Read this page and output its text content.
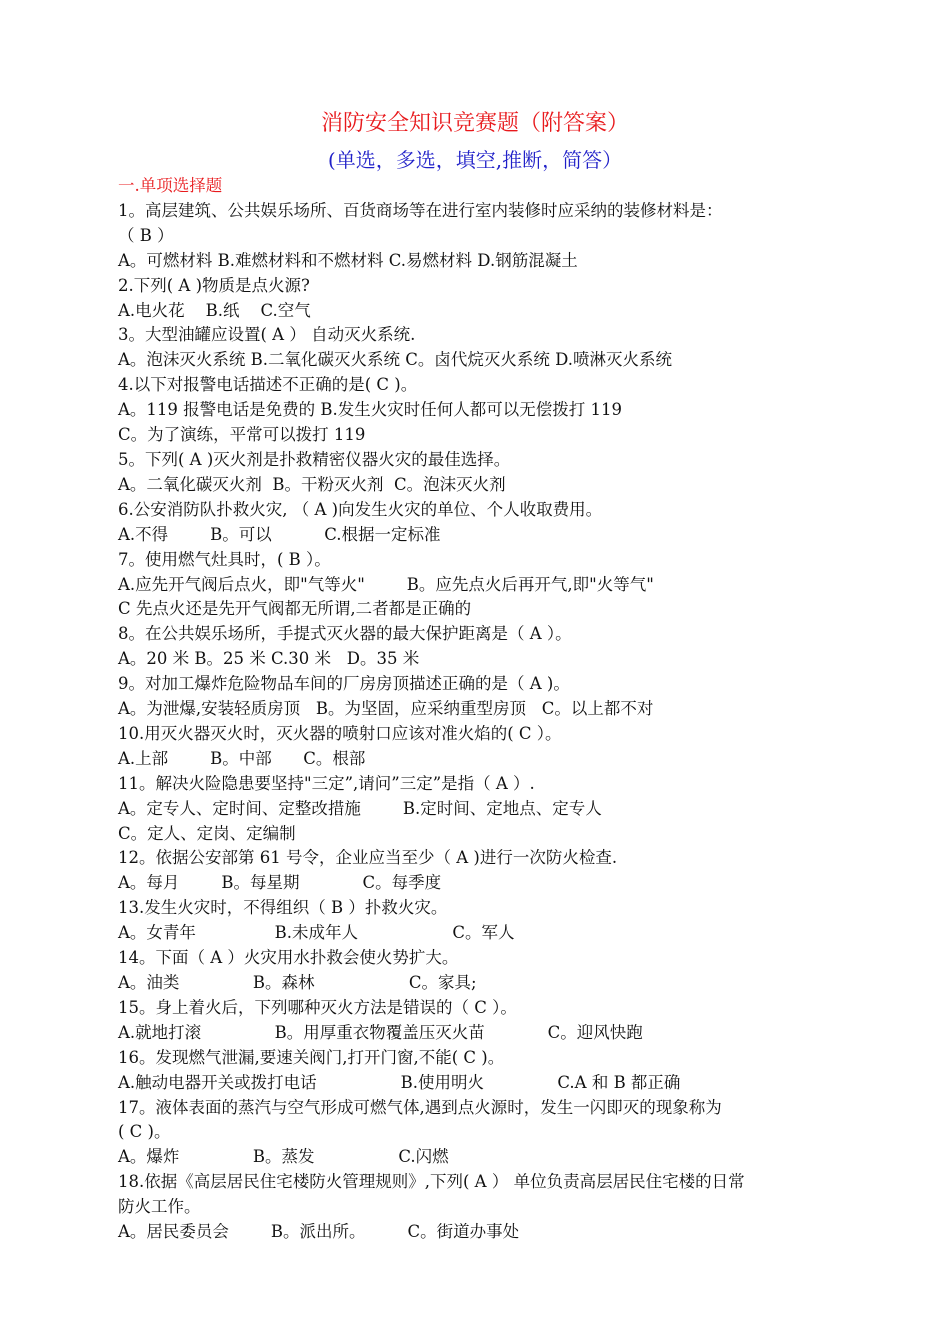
消防安全知识竞赛题（附答案）
(单选，多选，填空,推断，简答）
一.单项选择题
1。高层建筑、公共娱乐场所、百货商场等在进行室内装修时应采纳的装修材料是：
（ B ）
A。可燃材料 B.难燃材料和不燃材料 C.易燃材料 D.钢筋混凝土
2.下列( A )物质是点火源?
A.电火花    B.纸    C.空气
3。大型油罐应设置( A ） 自动灭火系统.
A。泡沫灭火系统 B.二氧化碳灭火系统 C。卤代烷灭火系统 D.喷淋灭火系统
4.以下对报警电话描述不正确的是( C )。
A。119 报警电话是免费的 B.发生火灾时任何人都可以无偿拨打 119
C。为了演练，平常可以拨打 119
5。下列( A )灭火剂是扑救精密仪器火灾的最佳选择。
A。二氧化碳灭火剂  B。干粉灭火剂  C。泡沫灭火剂
6.公安消防队扑救火灾, （ A )向发生火灾的单位、个人收取费用。
A.不得        B。可以          C.根据一定标准
7。使用燃气灶具时，( B ）。
A.应先开气阀后点火，即"气等火"        B。应先点火后再开气,即"火等气"
C 先点火还是先开气阀都无所谓,二者都是正确的
8。在公共娱乐场所，手提式灭火器的最大保护距离是（ A ）。
A。20 米 B。25 米 C.30 米   D。35 米
9。对加工爆炸危险物品车间的厂房房顶描述正确的是（ A )。
A。为泄爆,安装轻质房顶   B。为坚固，应采纳重型房顶   C。以上都不对
10.用灭火器灭火时，灭火器的喷射口应该对准火焰的( C ）。
A.上部        B。中部      C。根部
11。解决火险隐患要坚持"三定”,请问”三定”是指（ A ）.
A。定专人、定时间、定整改措施        B.定时间、定地点、定专人
C。定人、定岗、定编制
12。依据公安部第 61 号令，企业应当至少（ A )进行一次防火检查.
A。每月        B。每星期            C。每季度
13.发生火灾时，不得组织（ B ）扑救火灾。
A。女青年               B.未成年人                  C。军人
14。下面（ A ）火灾用水扑救会使火势扩大。
A。油类              B。森林                  C。家具;
15。身上着火后，下列哪种灭火方法是错误的（ C ）。
A.就地打滚              B。用厚重衣物覆盖压灭火苗            C。迎风快跑
16。发现燃气泄漏,要速关阀门,打开门窗,不能( C )。
A.触动电器开关或拨打电话                B.使用明火              C.A 和 B 都正确
17。液体表面的蒸汽与空气形成可燃气体,遇到点火源时，发生一闪即灭的现象称为
( C )。
A。爆炸              B。蒸发                C.闪燃
18.依据《高层居民住宅楼防火管理规则》,下列( A ） 单位负责高层居民住宅楼的日常
防火工作。
A。居民委员会        B。派出所。        C。街道办事处
